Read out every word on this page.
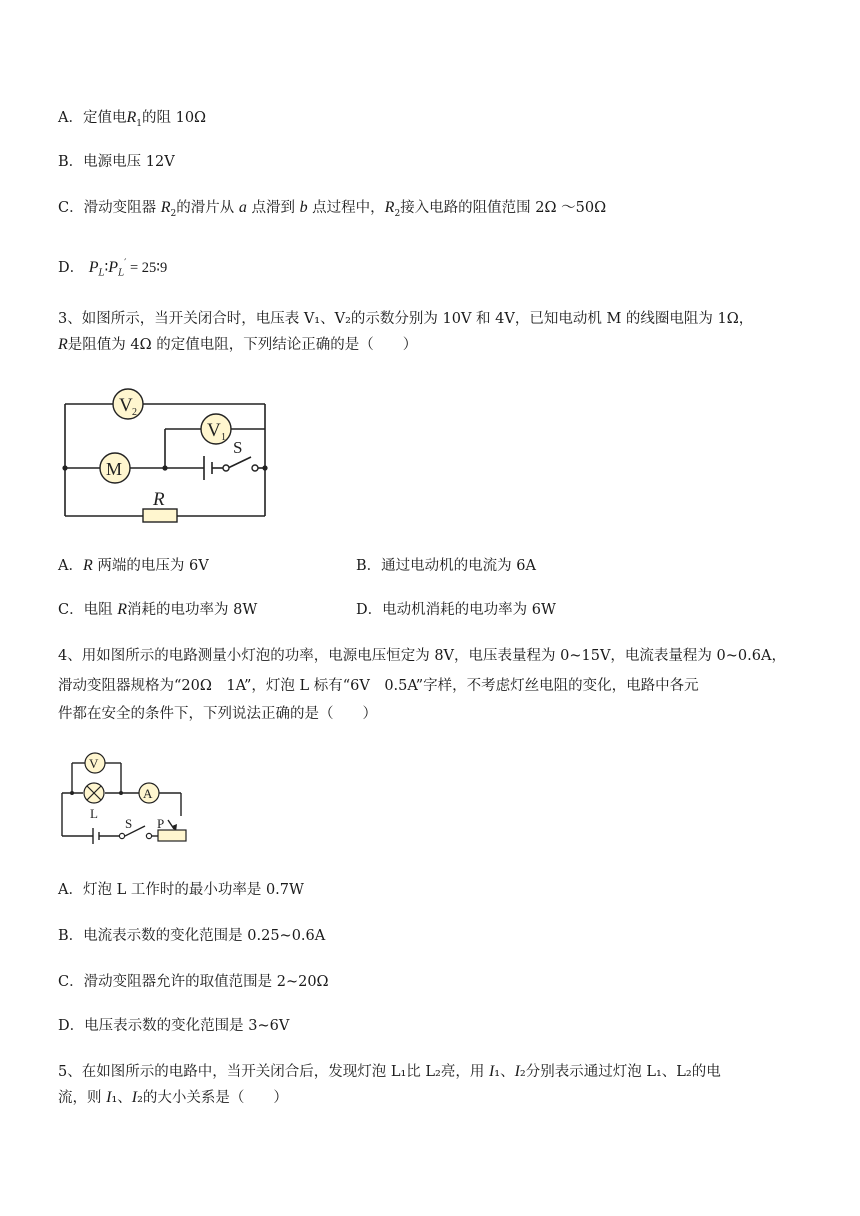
A．定值电$R_1$的阻 10Ω
B．电源电压 12V
C．滑动变阻器 $R_2$的滑片从 a 点滑到 b 点过程中，$R_2$接入电路的阻值范围 2Ω ～50Ω
D． $P_L∶P_L'$ = 25∶9
3、如图所示，当开关闭合时，电压表 V₁、V₂的示数分别为 10V 和 4V，已知电动机 M 的线圈电阻为 1Ω，
R是阻值为 4Ω 的定值电阻，下列结论正确的是（　　）
V 2
V 1
M
S
R
A．R 两端的电压为 6V	B．通过电动机的电流为 6A
C．电阻 R消耗的电功率为 8W	D．电动机消耗的电功率为 6W
4、用如图所示的电路测量小灯泡的功率，电源电压恒定为 8V，电压表量程为 0~15V，电流表量程为 0~0.6A，
滑动变阻器规格为“20Ω　1A”，灯泡 L 标有“6V　0.5A”字样，不考虑灯丝电阻的变化，电路中各元
件都在安全的条件下，下列说法正确的是（　　）
V
L
A
S P
A．灯泡 L 工作时的最小功率是 0.7W
B．电流表示数的变化范围是 0.25~0.6A
C．滑动变阻器允许的取值范围是 2~20Ω
D．电压表示数的变化范围是 3~6V
5、在如图所示的电路中，当开关闭合后，发现灯泡 L₁比 L₂亮，用 I₁、I₂分别表示通过灯泡 L₁、L₂的电
流，则 I₁、I₂的大小关系是（　　）
